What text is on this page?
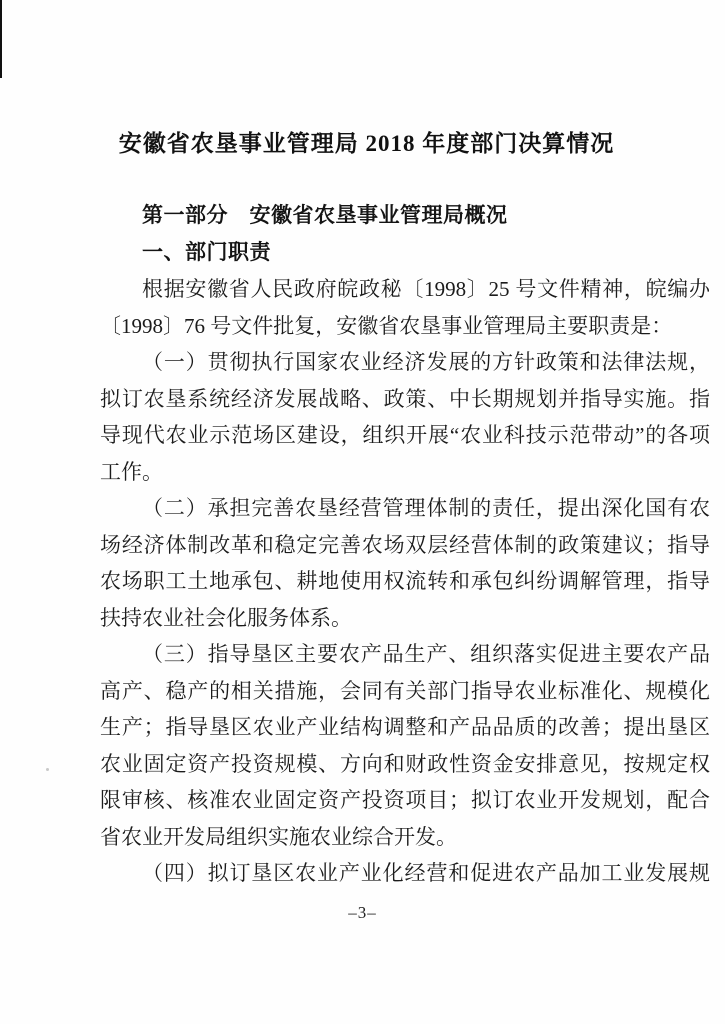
安徽省农垦事业管理局 2018 年度部门决算情况
第一部分　安徽省农垦事业管理局概况
一、部门职责
根据安徽省人民政府皖政秘〔1998〕25 号文件精神，皖编办
〔1998〕76 号文件批复，安徽省农垦事业管理局主要职责是：
（一）贯彻执行国家农业经济发展的方针政策和法律法规，
拟订农垦系统经济发展战略、政策、中长期规划并指导实施。指
导现代农业示范场区建设，组织开展“农业科技示范带动”的各项
工作。
（二）承担完善农垦经营管理体制的责任，提出深化国有农
场经济体制改革和稳定完善农场双层经营体制的政策建议；指导
农场职工土地承包、耕地使用权流转和承包纠纷调解管理，指导
扶持农业社会化服务体系。
（三）指导垦区主要农产品生产、组织落实促进主要农产品
高产、稳产的相关措施，会同有关部门指导农业标准化、规模化
生产；指导垦区农业产业结构调整和产品品质的改善；提出垦区
农业固定资产投资规模、方向和财政性资金安排意见，按规定权
限审核、核准农业固定资产投资项目；拟订农业开发规划，配合
省农业开发局组织实施农业综合开发。
（四）拟订垦区农业产业化经营和促进农产品加工业发展规
–3–
